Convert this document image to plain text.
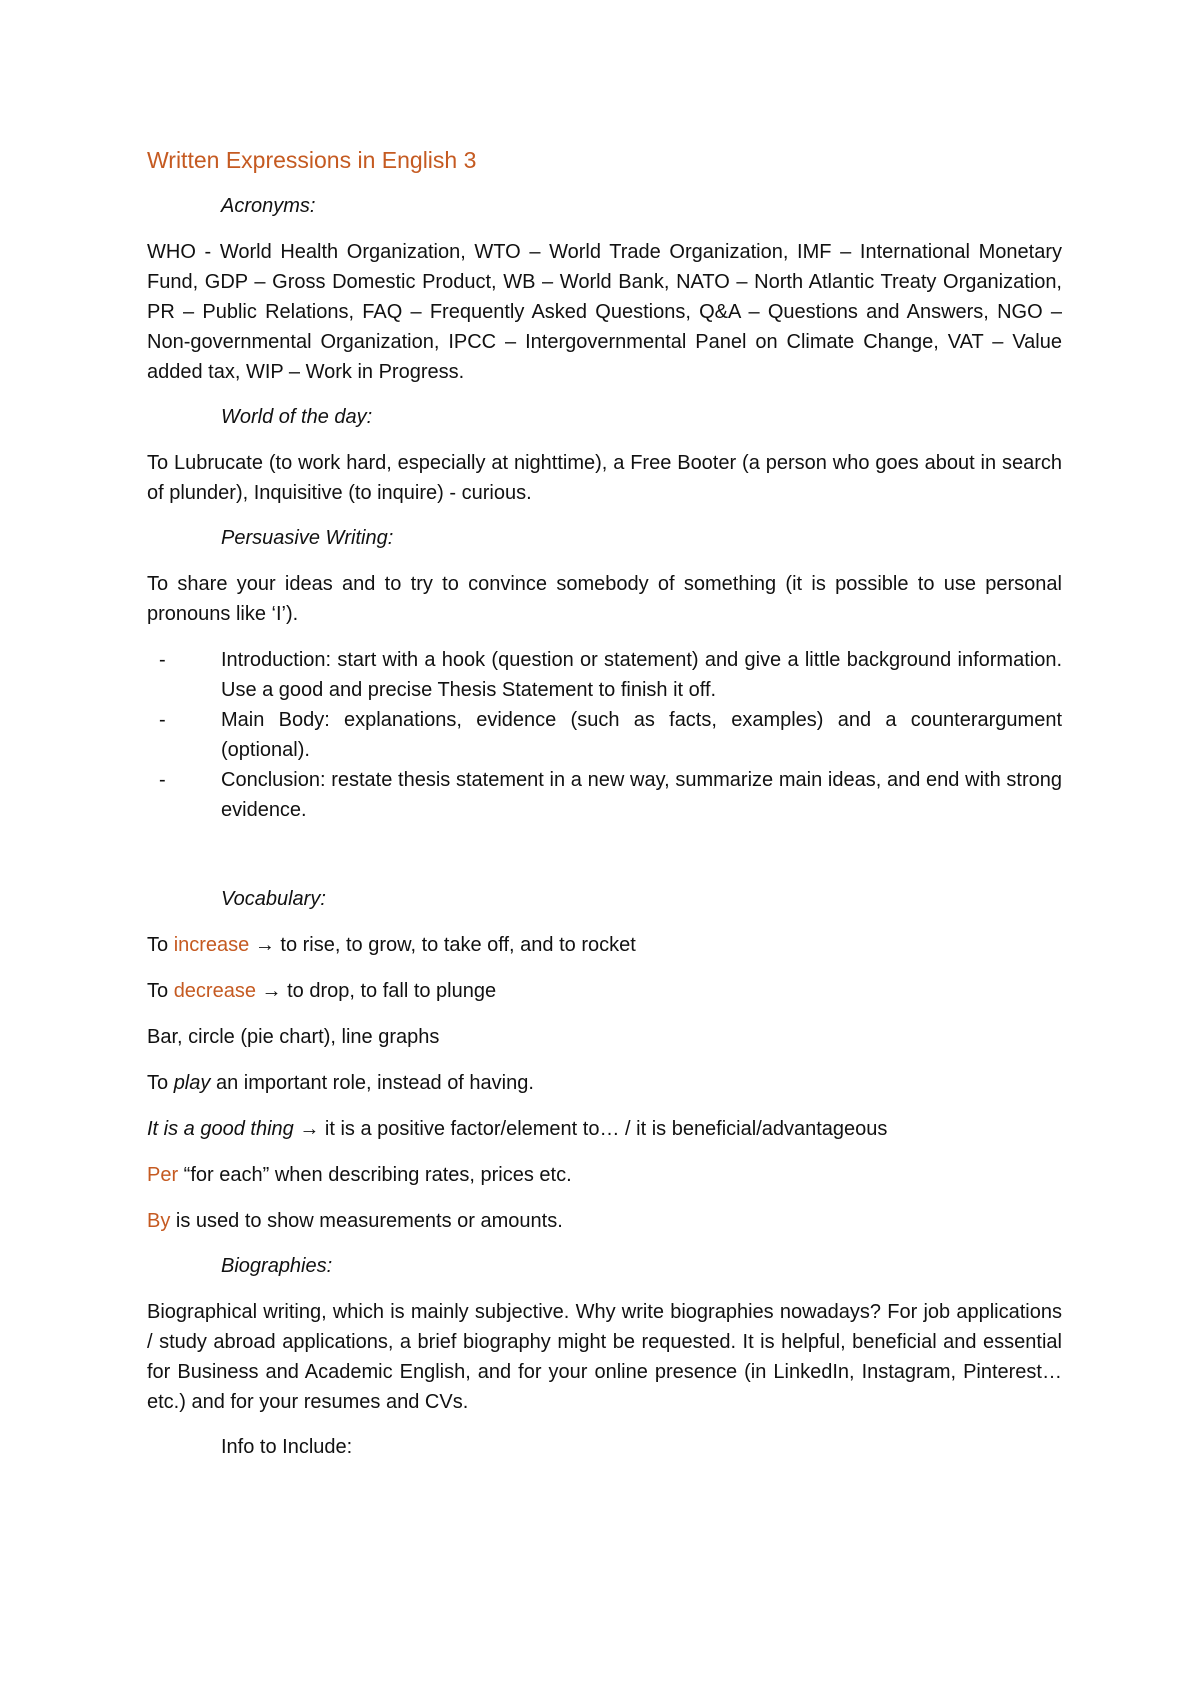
Written Expressions in English 3
Acronyms:

WHO - World Health Organization, WTO – World Trade Organization, IMF – International Monetary Fund, GDP – Gross Domestic Product, WB – World Bank, NATO – North Atlantic Treaty Organization, PR – Public Relations, FAQ – Frequently Asked Questions, Q&A – Questions and Answers, NGO – Non-governmental Organization, IPCC – Intergovernmental Panel on Climate Change, VAT – Value added tax, WIP – Work in Progress.

World of the day:

To Lubrucate (to work hard, especially at nighttime), a Free Booter (a person who goes about in search of plunder), Inquisitive (to inquire) - curious.

Persuasive Writing:

To share your ideas and to try to convince somebody of something (it is possible to use personal pronouns like ‘I’).

-	Introduction: start with a hook (question or statement) and give a little background information. Use a good and precise Thesis Statement to finish it off.
-	Main Body: explanations, evidence (such as facts, examples) and a counterargument (optional).
-	Conclusion: restate thesis statement in a new way, summarize main ideas, and end with strong evidence.
Vocabulary:

To increase → to rise, to grow, to take off, and to rocket

To decrease → to drop, to fall to plunge

Bar, circle (pie chart), line graphs

To play an important role, instead of having.

It is a good thing → it is a positive factor/element to… / it is beneficial/advantageous

Per “for each” when describing rates, prices etc.

By is used to show measurements or amounts.

Biographies:

Biographical writing, which is mainly subjective. Why write biographies nowadays? For job applications / study abroad applications, a brief biography might be requested. It is helpful, beneficial and essential for Business and Academic English, and for your online presence (in LinkedIn, Instagram, Pinterest…etc.) and for your resumes and CVs.

Info to Include:
